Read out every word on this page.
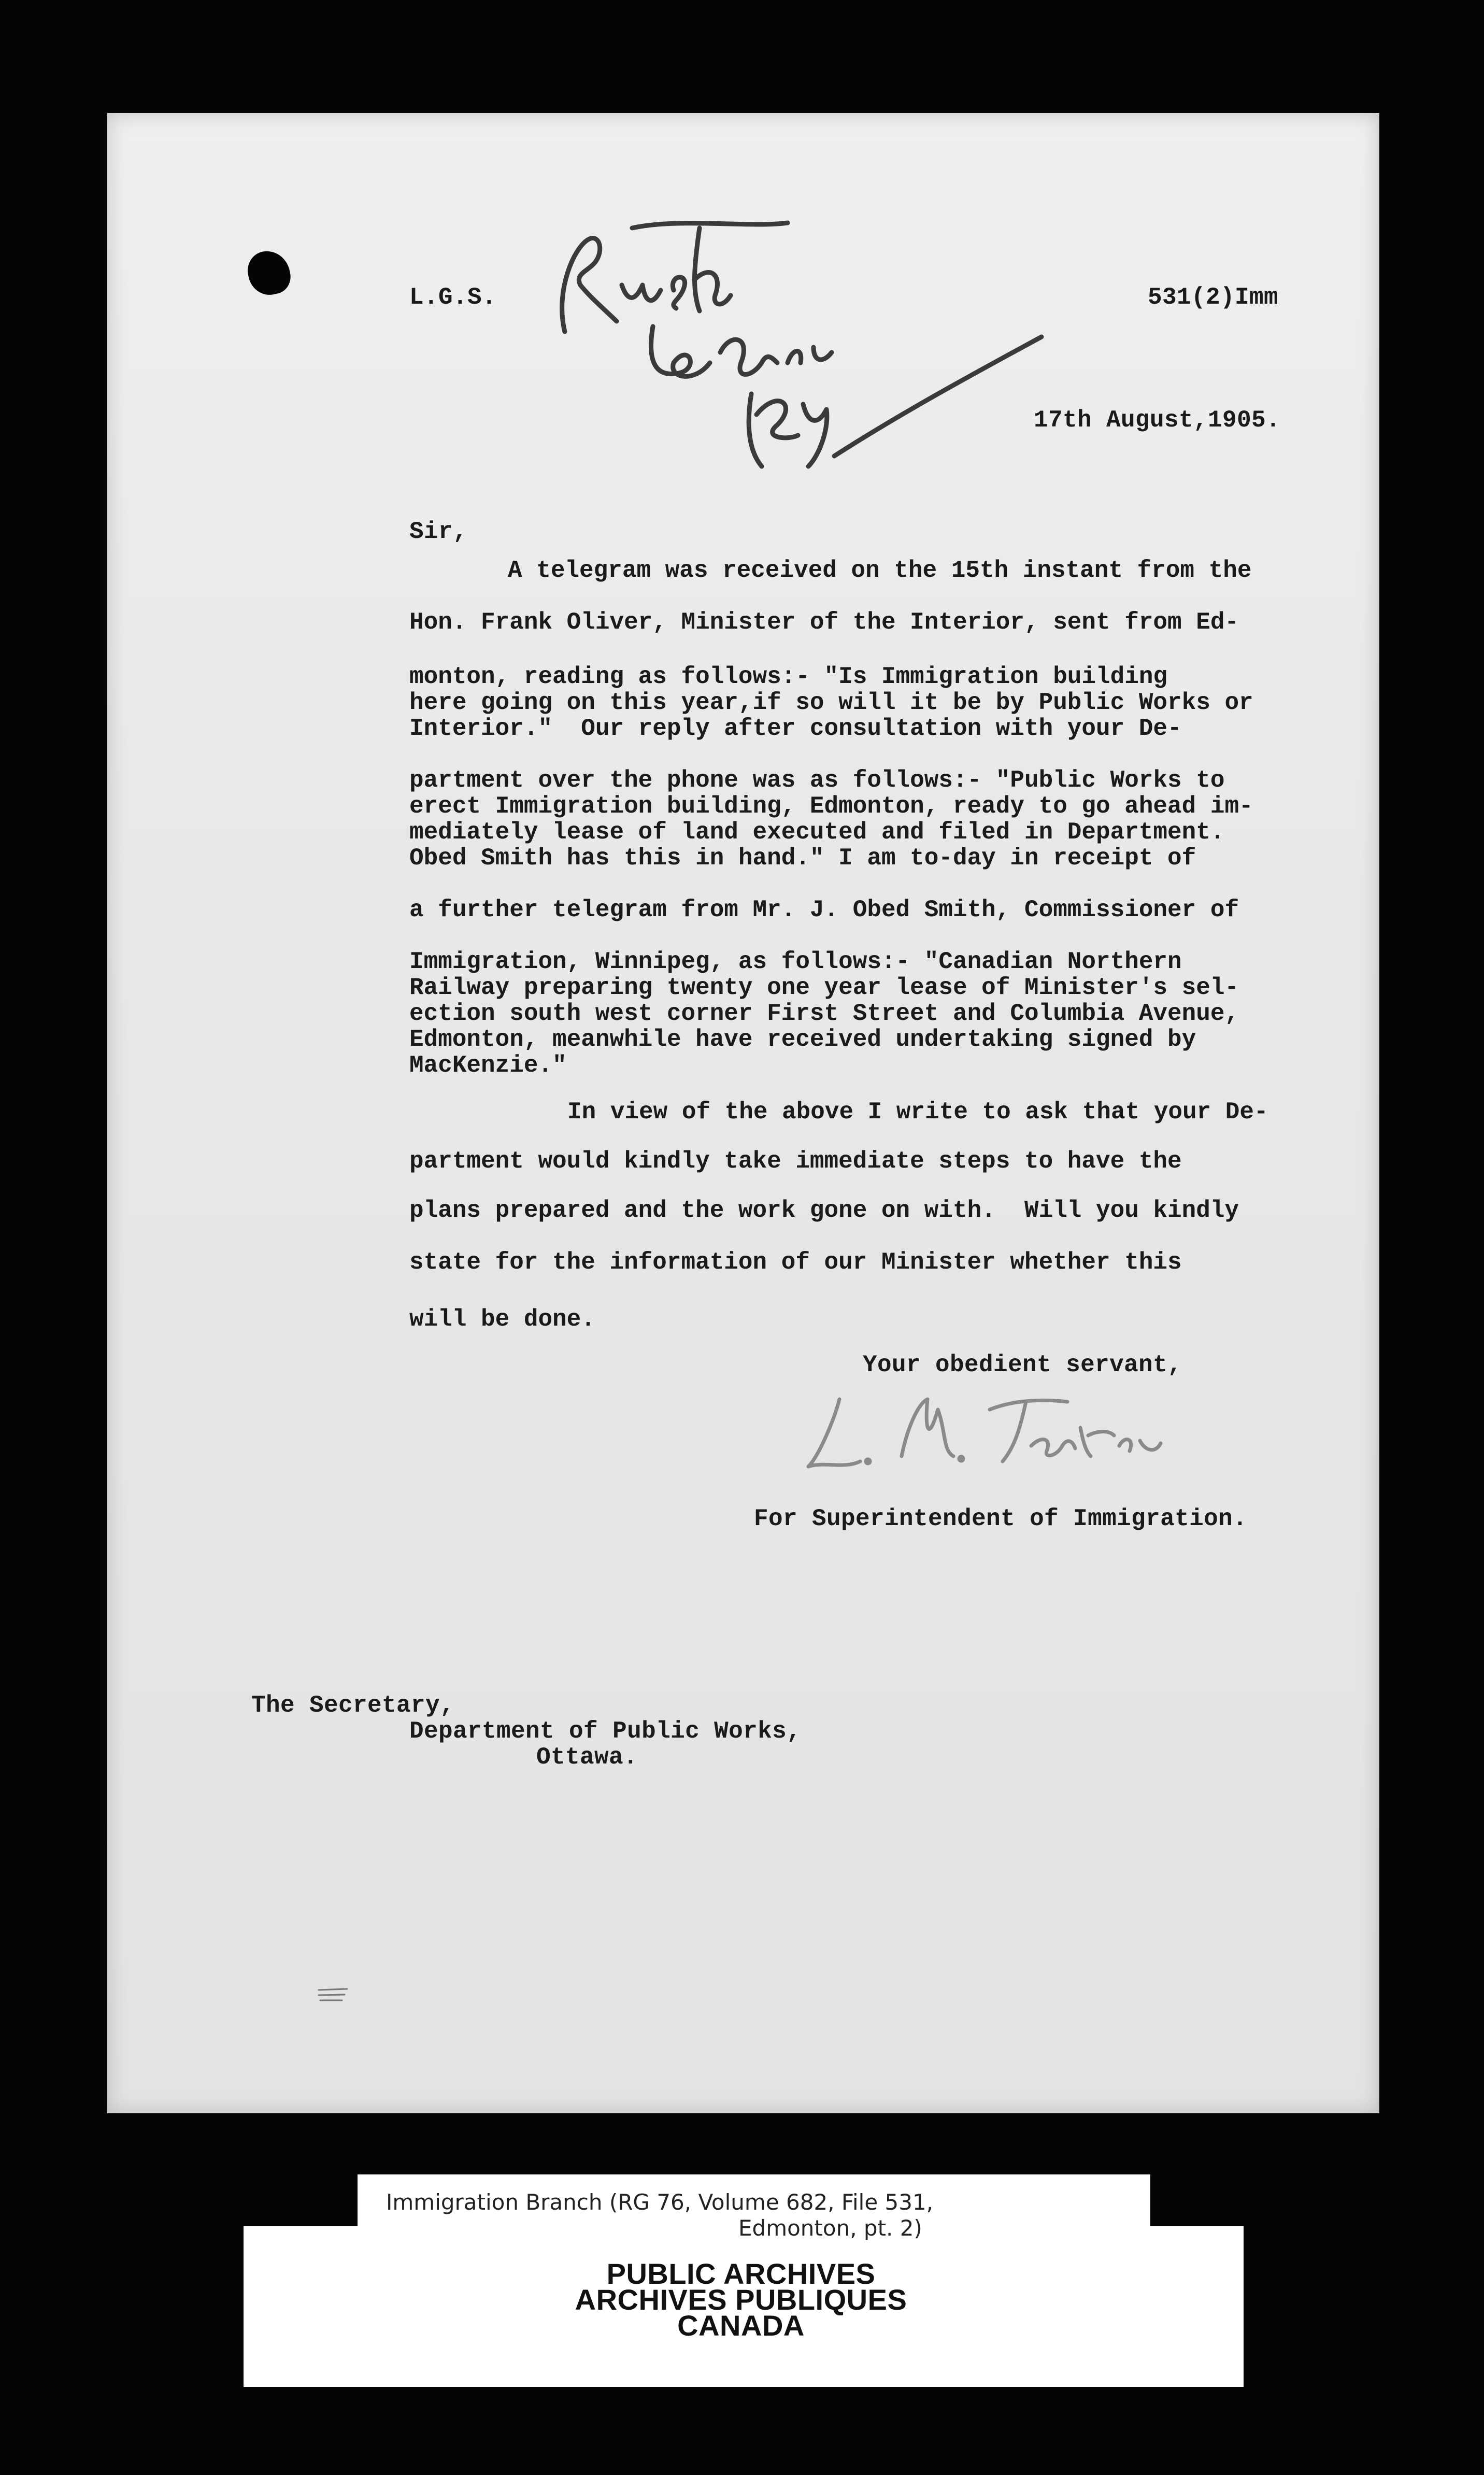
L.G.S.	531(2)Imm
17th August,1905.
Sir,
A telegram was received on the 15th instant from the
Hon. Frank Oliver, Minister of the Interior, sent from Ed-
monton, reading as follows:- "Is Immigration building
here going on this year,if so will it be by Public Works or
Interior."  Our reply after consultation with your De-
partment over the phone was as follows:- "Public Works to
erect Immigration building, Edmonton, ready to go ahead im-
mediately lease of land executed and filed in Department.
Obed Smith has this in hand." I am to-day in receipt of
a further telegram from Mr. J. Obed Smith, Commissioner of
Immigration, Winnipeg, as follows:- "Canadian Northern
Railway preparing twenty one year lease of Minister's sel-
ection south west corner First Street and Columbia Avenue,
Edmonton, meanwhile have received undertaking signed by
MacKenzie."
In view of the above I write to ask that your De-
partment would kindly take immediate steps to have the
plans prepared and the work gone on with.  Will you kindly
state for the information of our Minister whether this
will be done.
Your obedient servant,
For Superintendent of Immigration.
The Secretary,
Department of Public Works,
Ottawa.
Immigration Branch (RG 76, Volume 682, File 531,
Edmonton, pt. 2)
PUBLIC ARCHIVES
ARCHIVES PUBLIQUES
CANADA
